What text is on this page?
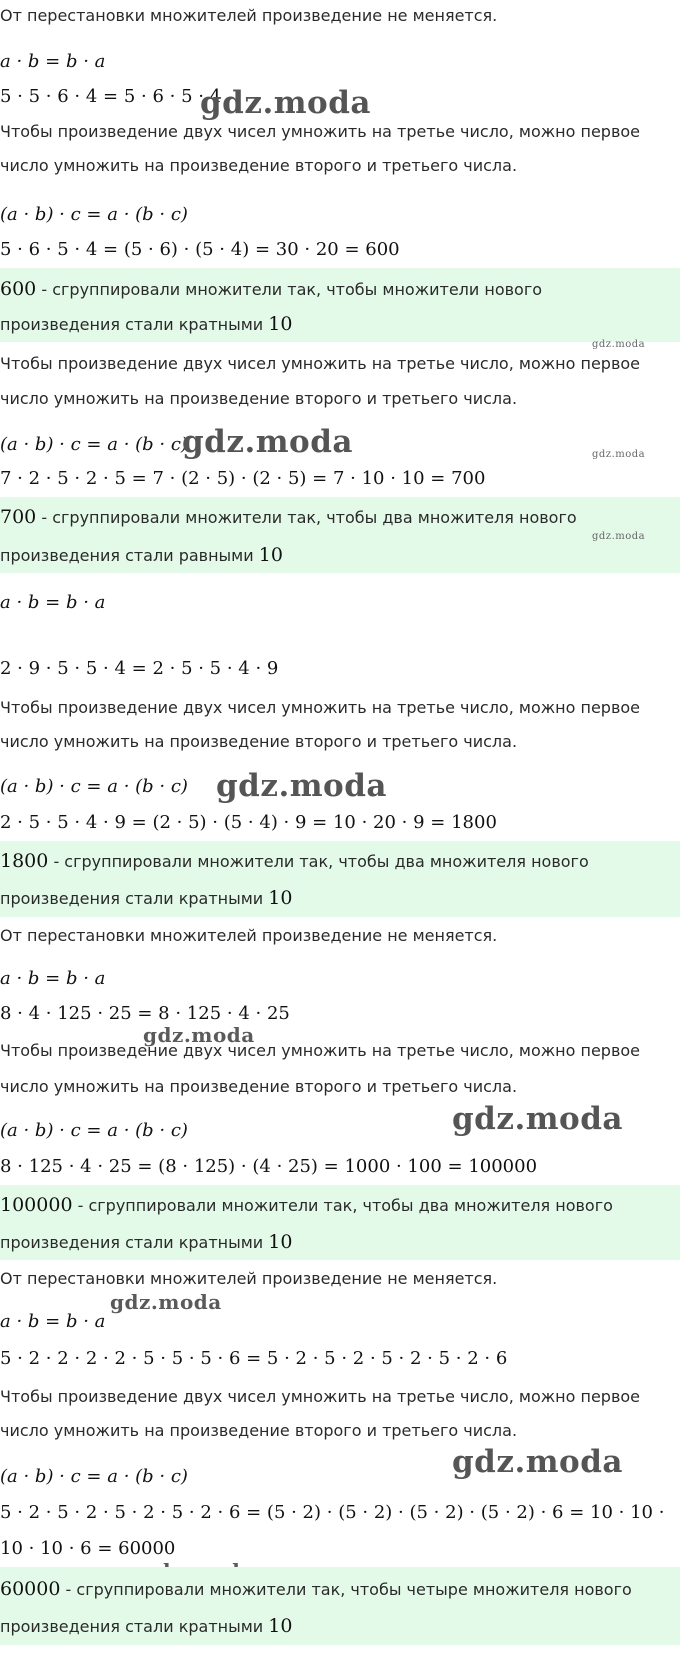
От перестановки множителей произведение не меняется.
a · b = b · a
5 · 5 · 6 · 4 = 5 · 6 · 5 · 4
gdz.moda
Чтобы произведение двух чисел умножить на третье число, можно первое
число умножить на произведение второго и третьего числа.
(a · b) · c = a · (b · c)
5 · 6 · 5 · 4 = (5 · 6) · (5 · 4) = 30 · 20 = 600
600 - сгруппировали множители так, чтобы множители нового
произведения стали кратными 10
gdz.moda
Чтобы произведение двух чисел умножить на третье число, можно первое
число умножить на произведение второго и третьего числа.
(a · b) · c = a · (b · c)
gdz.moda	gdz.moda
7 · 2 · 5 · 2 · 5 = 7 · (2 · 5) · (2 · 5) = 7 · 10 · 10 = 700
700 - сгруппировали множители так, чтобы два множителя нового
gdz.moda
произведения стали равными 10
a · b = b · a
2 · 9 · 5 · 5 · 4 = 2 · 5 · 5 · 4 · 9
Чтобы произведение двух чисел умножить на третье число, можно первое
число умножить на произведение второго и третьего числа.
(a · b) · c = a · (b · c) gdz.moda
2 · 5 · 5 · 4 · 9 = (2 · 5) · (5 · 4) · 9 = 10 · 20 · 9 = 1800
1800 - сгруппировали множители так, чтобы два множителя нового
произведения стали кратными 10
От перестановки множителей произведение не меняется.
a · b = b · a
8 · 4 · 125 · 25 = 8 · 125 · 4 · 25
gdz.moda
Чтобы произведение двух чисел умножить на третье число, можно первое
число умножить на произведение второго и третьего числа.
gdz.moda
(a · b) · c = a · (b · c)
8 · 125 · 4 · 25 = (8 · 125) · (4 · 25) = 1000 · 100 = 100000
100000 - сгруппировали множители так, чтобы два множителя нового
произведения стали кратными 10
От перестановки множителей произведение не меняется.
gdz.moda
a · b = b · a
5 · 2 · 2 · 2 · 2 · 5 · 5 · 5 · 6 = 5 · 2 · 5 · 2 · 5 · 2 · 5 · 2 · 6
Чтобы произведение двух чисел умножить на третье число, можно первое
число умножить на произведение второго и третьего числа.
gdz.moda
(a · b) · c = a · (b · c)
5 · 2 · 5 · 2 · 5 · 2 · 5 · 2 · 6 = (5 · 2) · (5 · 2) · (5 · 2) · (5 · 2) · 6 = 10 · 10 ·
10 · 10 · 6 = 60000
60000 - сгруппировали множители так, чтобы четыре множителя нового
произведения стали кратными 10
